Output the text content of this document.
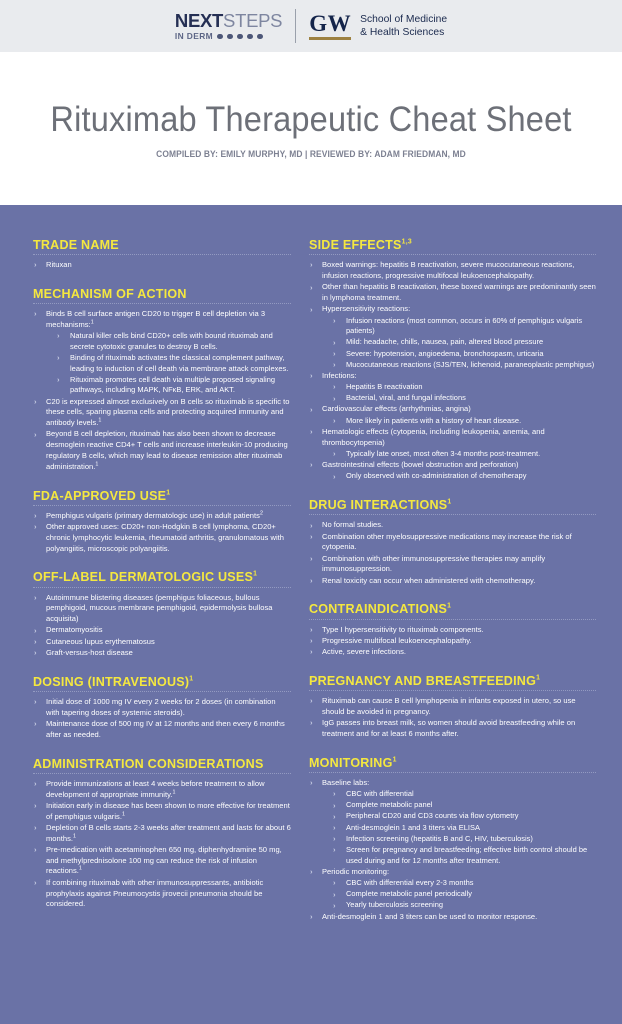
NEXTSTEPS
IN DERM
GW School of Medicine
& Health Sciences
Rituximab Therapeutic Cheat Sheet
COMPILED BY: EMILY MURPHY, MD | REVIEWED BY: ADAM FRIEDMAN, MD
TRADE NAME
› Rituxan
MECHANISM OF ACTION
› Binds B cell surface antigen CD20 to trigger B cell depletion via 3 mechanisms:$^1$
› Natural killer cells bind CD20+ cells with bound rituximab and secrete cytotoxic granules to destroy B cells.
› Binding of rituximab activates the classical complement pathway, leading to induction of cell death via membrane attack complexes.
› Rituximab promotes cell death via multiple proposed signaling pathways, including MAPK, NFκB, ERK, and AKT.
› C20 is expressed almost exclusively on B cells so rituximab is specific to these cells, sparing plasma cells and protecting acquired immunity and antibody levels.$^1$
› Beyond B cell depletion, rituximab has also been shown to decrease desmoglein reactive CD4+ T cells and increase interleukin-10 producing regulatory B cells, which may lead to disease remission after rituximab administration.$^1$
FDA-APPROVED USE$^1$
› Pemphigus vulgaris (primary dermatologic use) in adult patients$^2$
› Other approved uses: CD20+ non-Hodgkin B cell lymphoma, CD20+ chronic lymphocytic leukemia, rheumatoid arthritis, granulomatous with polyangiitis, microscopic polyangiitis.
OFF-LABEL DERMATOLOGIC USES$^1$
› Autoimmune blistering diseases (pemphigus foliaceous, bullous pemphigoid, mucous membrane pemphigoid, epidermolysis bullosa acquisita)
› Dermatomyositis
› Cutaneous lupus erythematosus
› Graft-versus-host disease
DOSING (INTRAVENOUS)$^1$
› Initial dose of 1000 mg IV every 2 weeks for 2 doses (in combination with tapering doses of systemic steroids).
› Maintenance dose of 500 mg IV at 12 months and then every 6 months after as needed.
ADMINISTRATION CONSIDERATIONS
› Provide immunizations at least 4 weeks before treatment to allow development of appropriate immunity.$^1$
› Initiation early in disease has been shown to more effective for treatment of pemphigus vulgaris.$^1$
› Depletion of B cells starts 2-3 weeks after treatment and lasts for about 6 months.$^1$
› Pre-medication with acetaminophen 650 mg, diphenhydramine 50 mg, and methylprednisolone 100 mg can reduce the risk of infusion reactions.$^1$
› If combining rituximab with other immunosuppressants, antibiotic prophylaxis against Pneumocystis jirovecii pneumonia should be considered.
SIDE EFFECTS$^{1,3}$
› Boxed warnings: hepatitis B reactivation, severe mucocutaneous reactions, infusion reactions, progressive multifocal leukoencephalopathy.
› Other than hepatitis B reactivation, these boxed warnings are predominantly seen in lymphoma treatment.
› Hypersensitivity reactions:
› Infusion reactions (most common, occurs in 60% of pemphigus vulgaris patients)
› Mild: headache, chills, nausea, pain, altered blood pressure
› Severe: hypotension, angioedema, bronchospasm, urticaria
› Mucocutaneous reactions (SJS/TEN, lichenoid, paraneoplastic pemphigus)
› Infections:
› Hepatitis B reactivation
› Bacterial, viral, and fungal infections
› Cardiovascular effects (arrhythmias, angina)
› More likely in patients with a history of heart disease.
› Hematologic effects (cytopenia, including leukopenia, anemia, and thrombocytopenia)
› Typically late onset, most often 3-4 months post-treatment.
› Gastrointestinal effects (bowel obstruction and perforation)
› Only observed with co-administration of chemotherapy
DRUG INTERACTIONS$^1$
› No formal studies.
› Combination other myelosuppressive medications may increase the risk of cytopenia.
› Combination with other immunosuppressive therapies may amplify immunosuppression.
› Renal toxicity can occur when administered with chemotherapy.
CONTRAINDICATIONS$^1$
› Type I hypersensitivity to rituximab components.
› Progressive multifocal leukoencephalopathy.
› Active, severe infections.
PREGNANCY AND BREASTFEEDING$^1$
› Rituximab can cause B cell lymphopenia in infants exposed in utero, so use should be avoided in pregnancy.
› IgG passes into breast milk, so women should avoid breastfeeding while on treatment and for at least 6 months after.
MONITORING$^1$
› Baseline labs:
› CBC with differential
› Complete metabolic panel
› Peripheral CD20 and CD3 counts via flow cytometry
› Anti-desmoglein 1 and 3 titers via ELISA
› Infection screening (hepatitis B and C, HIV, tuberculosis)
› Screen for pregnancy and breastfeeding; effective birth control should be used during and for 12 months after treatment.
› Periodic monitoring:
› CBC with differential every 2-3 months
› Complete metabolic panel periodically
› Yearly tuberculosis screening
› Anti-desmoglein 1 and 3 titers can be used to monitor response.
